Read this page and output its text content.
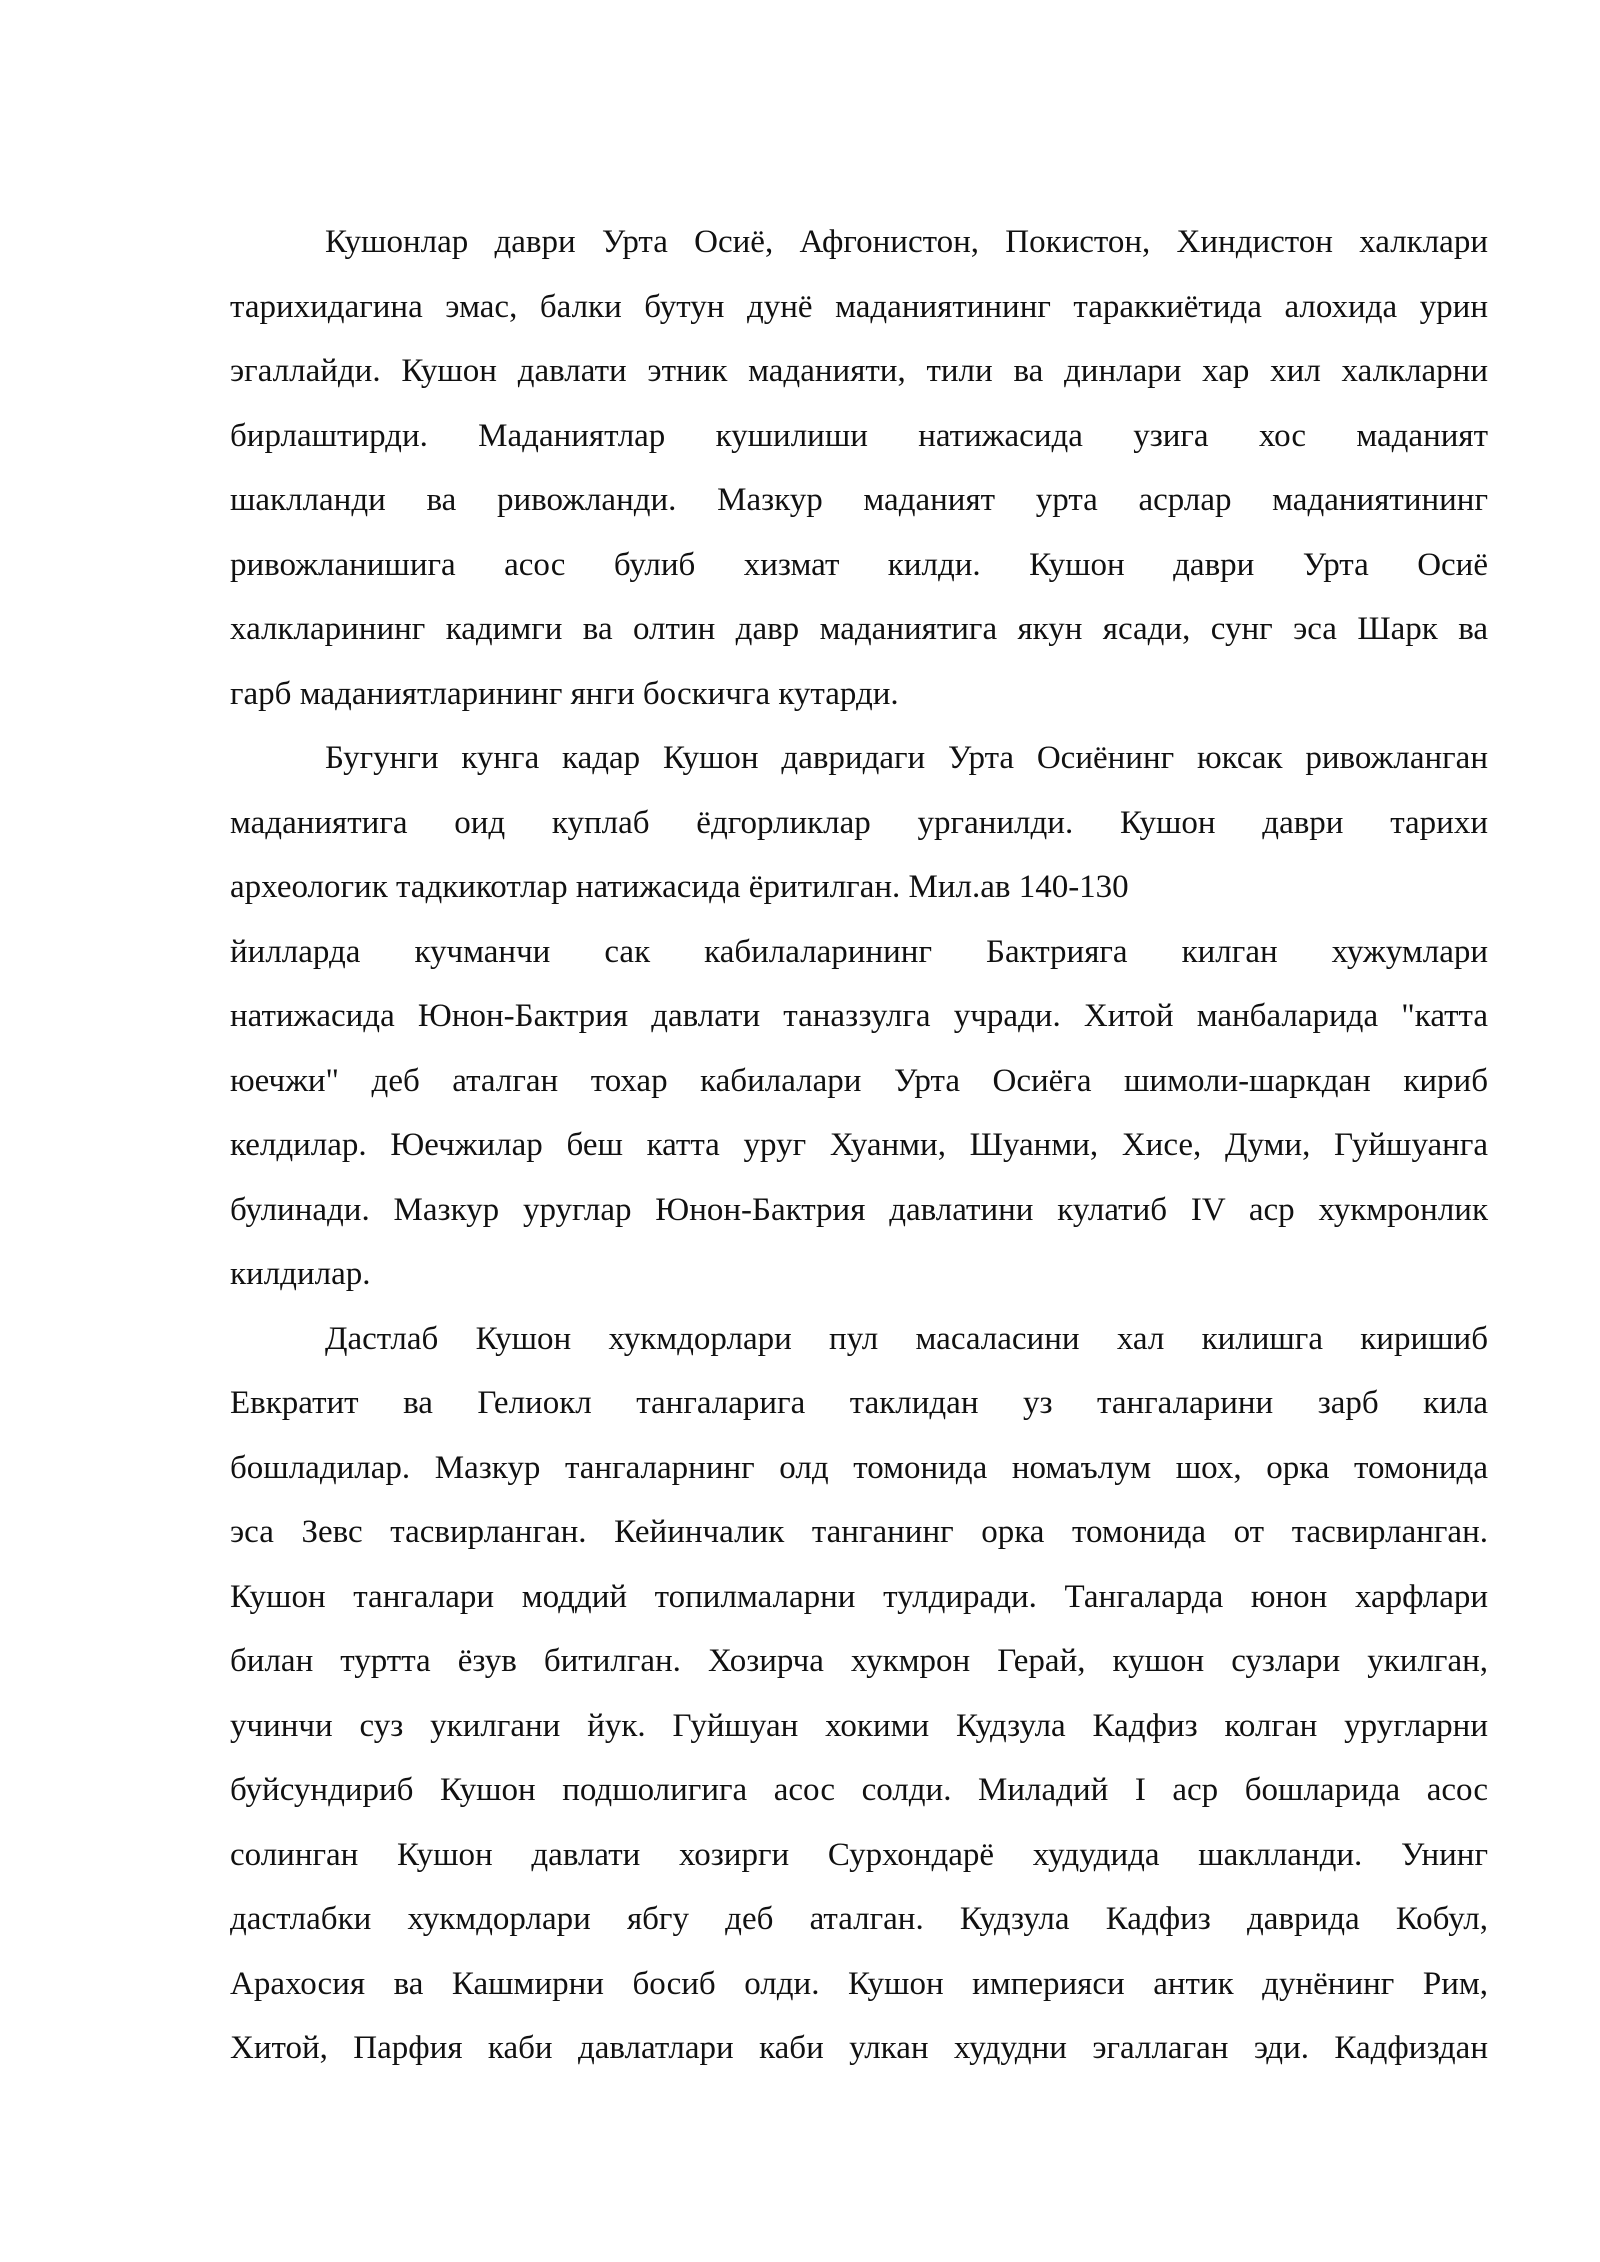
Кушонлар даври Урта Осиё, Афгонистон, Покистон, Хиндистон халклари
тарихидагина эмас, балки бутун дунё маданиятининг тараккиётида алохида урин
эгаллайди. Кушон давлати этник маданияти, тили ва динлари хар хил халкларни
бирлаштирди. Маданиятлар кушилиши натижасида узига хос маданият
шаклланди ва ривожланди. Мазкур маданият урта асрлар маданиятининг
ривожланишига асос булиб хизмат килди. Кушон даври Урта Осиё
халкларининг кадимги ва олтин давр маданиятига якун ясади, сунг эса Шарк ва
гарб маданиятларининг янги боскичга кутарди.
Бугунги кунга кадар Кушон давридаги Урта Осиёнинг юксак ривожланган
маданиятига оид куплаб ёдгорликлар урганилди. Кушон даври тарихи
археологик тадкикотлар натижасида ёритилган. Мил.ав 140-130
йилларда кучманчи сак кабилаларининг Бактрияга килган хужумлари
натижасида Юнон-Бактрия давлати таназзулга учради. Хитой манбаларида "катта
юечжи" деб аталган тохар кабилалари Урта Осиёга шимоли-шаркдан кириб
келдилар. Юечжилар беш катта уруг Хуанми, Шуанми, Хисе, Думи, Гуйшуанга
булинади. Мазкур уруглар Юнон-Бактрия давлатини кулатиб IV аср хукмронлик
килдилар.
Дастлаб Кушон хукмдорлари пул масаласини хал килишга киришиб
Евкратит ва Гелиокл тангаларига таклидан уз тангаларини зарб кила
бошладилар. Мазкур тангаларнинг олд томонида номаълум шох, орка томонида
эса Зевс тасвирланган. Кейинчалик танганинг орка томонида от тасвирланган.
Кушон тангалари моддий топилмаларни тулдиради. Тангаларда юнон харфлари
билан туртта ёзув битилган. Хозирча хукмрон Герай, кушон сузлари укилган,
учинчи суз укилгани йук. Гуйшуан хокими Кудзула Кадфиз колган уругларни
буйсундириб Кушон подшолигига асос солди. Миладий I аср бошларида асос
солинган Кушон давлати хозирги Сурхондарё худудида шаклланди. Унинг
дастлабки хукмдорлари ябгу деб аталган. Кудзула Кадфиз даврида Кобул,
Арахосия ва Кашмирни босиб олди. Кушон империяси антик дунёнинг Рим,
Хитой, Парфия каби давлатлари каби улкан худудни эгаллаган эди. Кадфиздан
